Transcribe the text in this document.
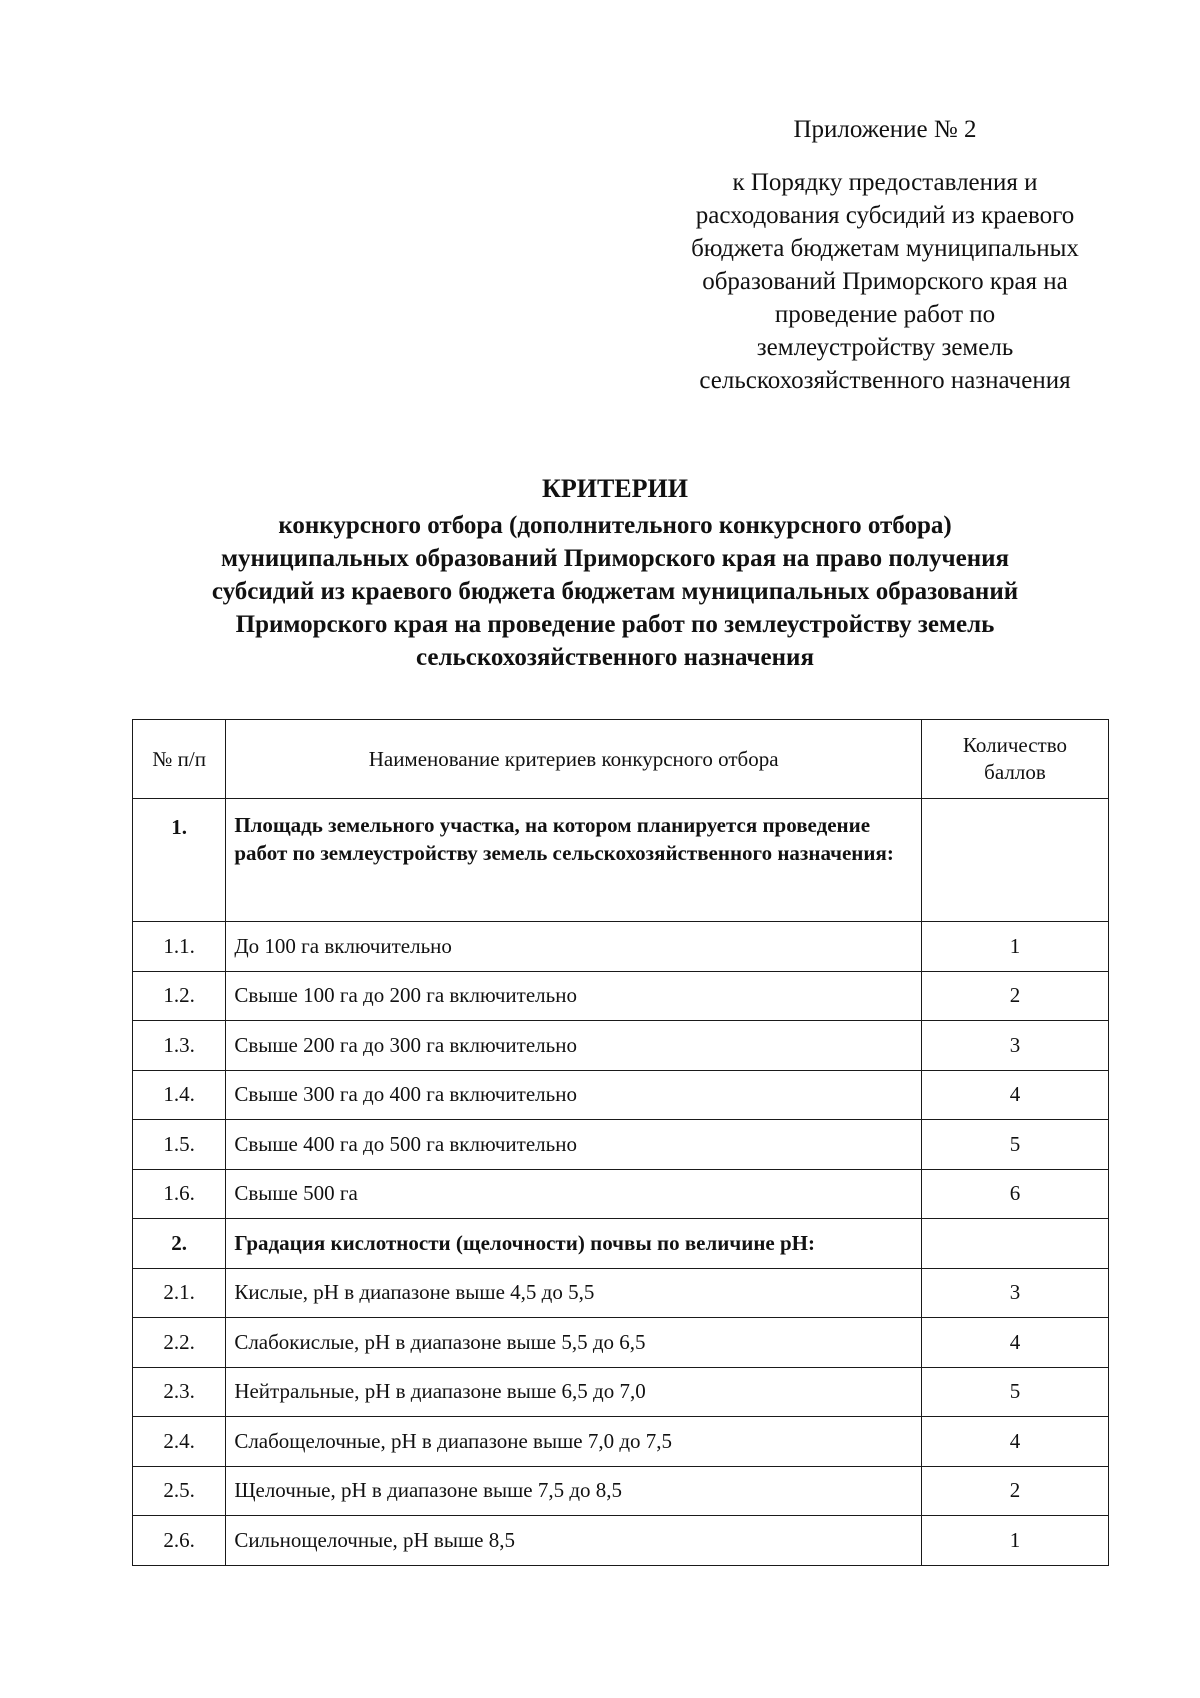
Приложение № 2
к Порядку предоставления и
расходования субсидий из краевого
бюджета бюджетам муниципальных
образований Приморского края на
проведение работ по
землеустройству земель
сельскохозяйственного назначения
КРИТЕРИИ
конкурсного отбора (дополнительного конкурсного отбора)
муниципальных образований Приморского края на право получения
субсидий из краевого бюджета бюджетам муниципальных образований
Приморского края на проведение работ по землеустройству земель
сельскохозяйственного назначения
№ п/п	Наименование критериев конкурсного отбора	Количество баллов
1.	Площадь земельного участка, на котором планируется проведение работ по землеустройству земель сельскохозяйственного назначения:	
1.1.	До 100 га включительно	1
1.2.	Свыше 100 га до 200 га включительно	2
1.3.	Свыше 200 га до 300 га включительно	3
1.4.	Свыше 300 га до 400 га включительно	4
1.5.	Свыше 400 га до 500 га включительно	5
1.6.	Свыше 500 га	6
2.	Градация кислотности (щелочности) почвы по величине pH:	
2.1.	Кислые, pH в диапазоне выше 4,5 до 5,5	3
2.2.	Слабокислые, pH в диапазоне выше 5,5 до 6,5	4
2.3.	Нейтральные, pH в диапазоне выше 6,5 до 7,0	5
2.4.	Слабощелочные, pH в диапазоне выше 7,0 до 7,5	4
2.5.	Щелочные, pH в диапазоне выше 7,5 до 8,5	2
2.6.	Сильнощелочные, pH выше 8,5	1
